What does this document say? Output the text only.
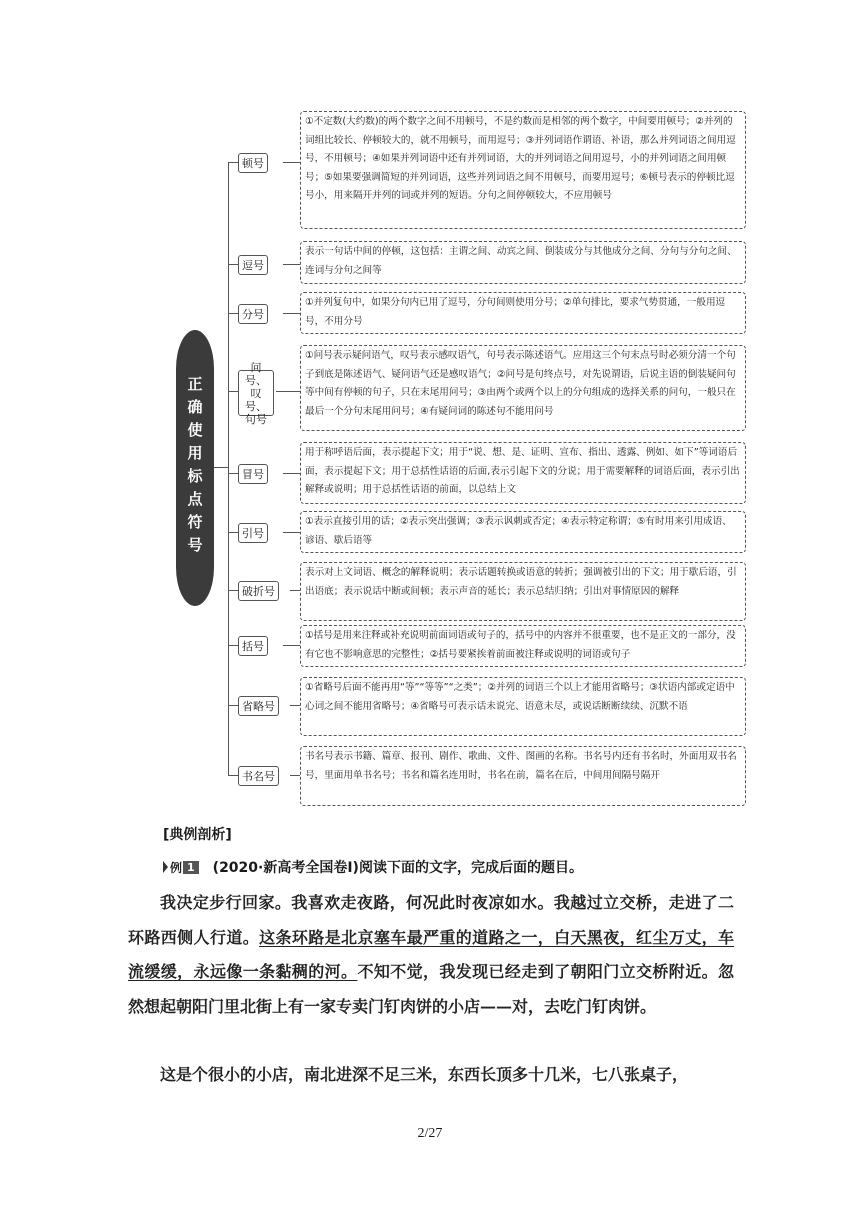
正确使用标点符号
顿号
①不定数(大约数)的两个数字之间不用顿号，不是约数而是相邻的两个数字，中间要用顿号；②并列的词组比较长、停顿较大的，就不用顿号，而用逗号；③并列词语作谓语、补语，那么并列词语之间用逗号，不用顿号；④如果并列词语中还有并列词语，大的并列词语之间用逗号，小的并列词语之间用顿号；⑤如果要强调简短的并列词语，这些并列词语之间不用顿号，而要用逗号；⑥顿号表示的停顿比逗号小，用来隔开并列的词或并列的短语。分句之间停顿较大，不应用顿号
逗号
表示一句话中间的停顿，这包括：主谓之间、动宾之间、倒装成分与其他成分之间、分句与分句之间、连词与分句之间等
分号
①并列复句中，如果分句内已用了逗号，分句间则使用分号；②单句排比，要求气势贯通，一般用逗号，不用分号
问号、叹号、句号
①问号表示疑问语气，叹号表示感叹语气，句号表示陈述语气。应用这三个句末点号时必须分清一个句子到底是陈述语气、疑问语气还是感叹语气；②问号是句终点号，对先说谓语，后说主语的倒装疑问句等中间有停顿的句子，只在末尾用问号；③由两个或两个以上的分句组成的选择关系的问句，一般只在最后一个分句末尾用问号；④有疑问词的陈述句不能用问号
冒号
用于称呼语后面，表示提起下文；用于“说、想、是、证明、宣布、指出、透露、例如、如下”等词语后面，表示提起下文；用于总括性话语的后面,表示引起下文的分说；用于需要解释的词语后面，表示引出解释或说明；用于总括性话语的前面，以总结上文
引号
①表示直接引用的话；②表示突出强调；③表示讽刺或否定；④表示特定称谓；⑤有时用来引用成语、谚语、歇后语等
破折号
表示对上文词语、概念的解释说明；表示话题转换或语意的转折；强调被引出的下文；用于歇后语，引出语底；表示说话中断或间顿；表示声音的延长；表示总结归纳；引出对事情原因的解释
括号
①括号是用来注释或补充说明前面词语或句子的，括号中的内容并不很重要，也不是正文的一部分，没有它也不影响意思的完整性；②括号要紧挨着前面被注释或说明的词语或句子
省略号
①省略号后面不能再用“等”“等等”“之类”；②并列的词语三个以上才能用省略号；③状语内部或定语中心词之间不能用省略号；④省略号可表示话未说完、语意未尽，或说话断断续续、沉默不语
书名号
书名号表示书籍、篇章、报刊、剧作、歌曲、文件、图画的名称。书名号内还有书名时，外面用双书名号，里面用单书名号；书名和篇名连用时，书名在前，篇名在后，中间用间隔号隔开
[典例剖析]
例 1 (2020·新高考全国卷Ⅰ) 阅读下面的文字，完成后面的题目。
我决定步行回家。我喜欢走夜路，何况此时夜凉如水。我越过立交桥，走进了二环路西侧人行道。这条环路是北京塞车最严重的道路之一，白天黑夜，红尘万丈，车流缓缓，永远像一条黏稠的河。不知不觉，我发现已经走到了朝阳门立交桥附近。忽然想起朝阳门里北街上有一家专卖门钉肉饼的小店——对，去吃门钉肉饼。
这是个很小的小店，南北进深不足三米，东西长顶多十几米，七八张桌子，
2/27
